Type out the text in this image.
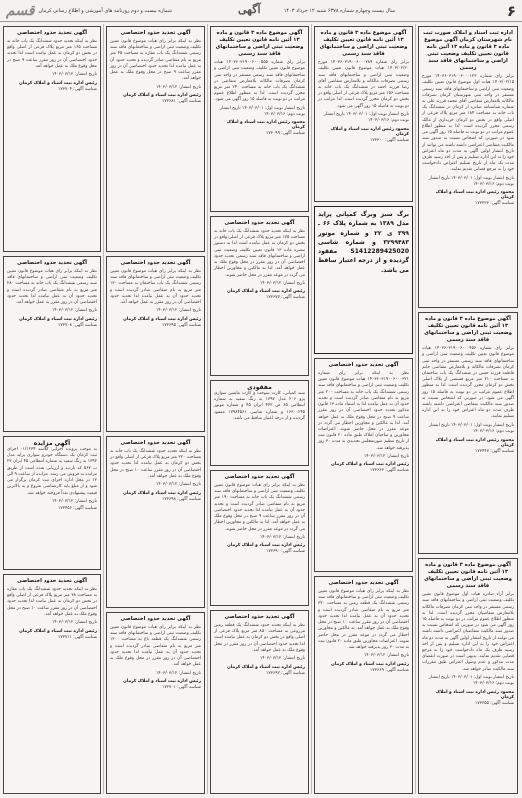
۶
سال بیست وچهارم شماره ۶۳۷۸ شنبه ۱۲ خرداد ۱۴۰۳
آگهی
شماره بیست و دوم روزنامه های آموزشی و اطلاع رسانی کرمان
قسم
اداره ثبت اسناد و املاک صورت ثبت نام شهرستان کرمان آگهی موضوع ماده ۳ قانون و ماده ۱۳ آئین نامه قانون تعیین تکلیف وضعیت ثبتی اراضی و ساختمانهای فاقد سند رسمی
برابر رای شماره ۱۴۰۳۶۰۳۱۹۰۰۶۰۰۰۱۲۳ مورخ ۱۴۰۳/۰۲/۱۵ هیات اول موضوع قانون تعیین تکلیف وضعیت ثبتی اراضی و ساختمانهای فاقد سند رسمی مستقر در واحد ثبتی شهرستان کرمان تصرفات مالکانه بلامعارض متقاضی آقای محمد فرزند علی به شماره شناسنامه صادره از کرمان در ششدانگ یک باب خانه به مساحت ۱۸۴ متر مربع پلاک فرعی از اصلی واقع در بخش دو کرمان خریداری از مالک رسمی محرز گردیده است. لذا به منظور اطلاع عموم مراتب در دو نوبت به فاصله ۱۵ روز آگهی می شود در صورتی که اشخاص نسبت به صدور سند مالکیت متقاضی اعتراضی داشته باشند می توانند از تاریخ انتشار اولین آگهی به مدت دو ماه اعتراض خود را به این اداره تسلیم و پس از اخذ رسید ظرف مدت یک ماه از تاریخ تسلیم اعتراض دادخواست خود را به مرجع قضایی تقدیم نمایند.
تاریخ انتشار نوبت اول: ۱۴۰۳/۰۳/۰۱ تاریخ انتشار نوبت دوم: ۱۴۰۳/۰۳/۱۶
محمود رئیس اداره ثبت اسناد و املاک کرمان
شناسه آگهی: ۱۷۳۲۳۳
آگهی موضوع ماده ۳ قانون و ماده ۱۳ آئین نامه قانون تعیین تکلیف وضعیت ثبتی اراضی و ساختمانهای فاقد سند رسمی
برابر رای شماره ۱۴۰۳۶۰۳۱۹۰۰۶۰۰۰۴۵۶ هیات موضوع قانون تعیین تکلیف وضعیت ثبتی اراضی و ساختمانهای فاقد سند رسمی مستقر در واحد ثبتی کرمان تصرفات مالکانه و بلامعارض متقاضی خانم فاطمه فرزند حسن در ششدانگ یک باب ساختمان به مساحت ۲۱۰ متر مربع قسمتی از پلاک اصلی بخش دو کرمان محرز گردیده است. لذا به منظور اطلاع عموم مراتب در دو نوبت به فاصله ۱۵ روز آگهی می شود. در صورتی که اشخاص نسبت به صدور سند مالکیت متقاضی اعتراضی داشته باشند ظرف مدت دو ماه اعتراض خود را به این اداره تسلیم نمایند.
تاریخ انتشار نوبت اول: ۱۴۰۳/۰۳/۰۱ تاریخ انتشار نوبت دوم: ۱۴۰۳/۰۳/۱۶
محمود رئیس اداره ثبت اسناد و املاک کرمان
شناسه آگهی: ۱۷۳۴۴۷
آگهی موضوع ماده ۳ قانون و ماده ۱۳ آئین نامه قانون تعیین تکلیف وضعیت ثبتی اراضی و ساختمانهای فاقد سند رسمی
برابر آراء صادره هیات اول موضوع قانون تعیین تکلیف وضعیت ثبتی اراضی و ساختمانهای فاقد سند رسمی مستقر در واحد ثبتی کرمان تصرفات مالکانه بلامعارض متقاضیان محرز گردیده است. لذا به منظور اطلاع عموم مراتب در دو نوبت به فاصله ۱۵ روز آگهی می شود در صورتی که اشخاص نسبت به صدور سند مالکیت متقاضیان اعتراضی داشته باشند می توانند از تاریخ انتشار اولین آگهی به مدت دو ماه اعتراض خود را به این اداره تسلیم و پس از اخذ رسید ظرف یک ماه دادخواست خود را به مرجع قضایی تقدیم نمایند. بدیهی است در صورت انقضای مدت مذکور و عدم وصول اعتراض طبق مقررات سند مالکیت صادر خواهد شد.
تاریخ انتشار نوبت اول: ۱۴۰۳/۰۳/۰۱ تاریخ انتشار نوبت دوم: ۱۴۰۳/۰۳/۱۶
محمود رئیس اداره ثبت اسناد و املاک کرمان
شناسه آگهی: ۱۷۳۳۵۵
آگهی موضوع ماده ۳ قانون و ماده ۱۳ آئین نامه قانون تعیین تکلیف وضعیت ثبتی اراضی و ساختمانهای فاقد سند رسمی
برابر رای شماره ۱۴۰۳۶۰۳۱۹۰۰۶۰۰۰۷۸۹ مورخ ۱۴۰۳/۰۲/۲۰ هیات موضوع قانون تعیین تکلیف وضعیت ثبتی اراضی و ساختمانهای فاقد سند رسمی تصرفات مالکانه و بلامعارض متقاضی آقای رضا فرزند احمد در ششدانگ یک باب خانه به مساحت ۱۵۶ متر مربع پلاک فرعی از اصلی واقع در بخش دو کرمان محرز گردیده است. لذا مراتب در دو نوبت به فاصله ۱۵ روز آگهی می شود.
تاریخ انتشار نوبت اول: ۱۴۰۳/۰۳/۰۱ تاریخ انتشار نوبت دوم: ۱۴۰۳/۰۳/۱۶
محمود رئیس اداره ثبت اسناد و املاک کرمان
شناسه آگهی: ۱۷۳۳۰۰
برگ سبز وبرگ کمپانی پراید مدل ۱۳۸۹ به شماره پلاک ۶۶ ـ ۳۹۹ ی ۲۲ و شماره موتور ۳۲۹۹۴۸۳ و شماره شاسی S1412289425020 مفقود گردیده و از درجه اعتبار ساقط می باشد.
آگهی تحدید حدود اختصاصی
نظر به اینکه برابر رای شماره ۱۴۰۳۶۰۳۱۹۰۰۶۰۰۰۳۲۱ هیات موضوع قانون تعیین تکلیف وضعیت ثبتی اراضی و ساختمانهای فاقد سند رسمی ششدانگ یک باب خانه به مساحت ۲۰۰ متر مربع به نام متقاضی صادر گردیده است و تحدید حدود آن به عمل نیامده لذا به استناد ماده ۱۳ قانون مذکور تحدید حدود اختصاصی آن در روز مقرر ساعت ۹ صبح در محل وقوع ملک به عمل خواهد آمد. لذا به مالکین و مجاورین اخطار می گردد در موعد مقرر در محل حاضر شوند. اعتراضات مجاورین و صاحبان املاک طبق ماده ۲۰ قانون ثبت از تاریخ تنظیم صورتمجلس تحدیدی به مدت ۳۰ روز پذیرفته خواهد شد.
تاریخ انتشار: ۱۴۰۳/۰۳/۱۲
رئیس اداره ثبت اسناد و املاک کرمان
شناسه آگهی: ۱۷۳۶۶۳
آگهی تحدید حدود اختصاصی
نظر به اینکه برابر رای هیات موضوع قانون تعیین تکلیف وضعیت ثبتی اراضی و ساختمانهای فاقد سند رسمی ششدانگ یک قطعه زمین به مساحت ۳۲۰ متر مربع به نام متقاضی صادر گردیده است و تحدید حدود آن به عمل نیامده لذا تحدید حدود اختصاصی آن در روز مقرر ساعت ۱۰ صبح در محل وقوع ملک به عمل خواهد آمد. به مالکین و مجاورین اخطار می گردد در موعد مقرر در محل حاضر شوند. اعتراضات مجاورین طبق ماده ۲۰ قانون ثبت به مدت ۳۰ روز پذیرفته خواهد شد.
تاریخ انتشار: ۱۴۰۳/۰۳/۱۲
رئیس اداره ثبت اسناد و املاک کرمان
شناسه آگهی: ۱۷۳۶۶۹
آگهی موضوع ماده ۳ قانون و ماده ۱۳ آئین نامه قانون تعیین تکلیف وضعیت ثبتی اراضی و ساختمانهای فاقد سند رسمی
برابر رای شماره ۱۴۰۳۶۰۳۱۹۰۰۶۰۰۰۵۵۵ هیات موضوع قانون تعیین تکلیف وضعیت ثبتی اراضی و ساختمانهای فاقد سند رسمی مستقر در واحد ثبتی کرمان تصرفات مالکانه بلامعارض متقاضی در ششدانگ یک باب خانه به مساحت ۲۴۰ متر مربع محرز گردیده است. لذا به منظور اطلاع عموم مراتب در دو نوبت به فاصله ۱۵ روز آگهی می شود.
تاریخ انتشار نوبت اول: ۱۴۰۳/۰۳/۰۱ تاریخ انتشار نوبت دوم: ۱۴۰۳/۰۳/۱۶
محمود رئیس اداره ثبت اسناد و املاک کرمان
شناسه آگهی: ۱۷۳۰۹۹
آگهی تحدید حدود اختصاصی
نظر به اینکه تحدید حدود ششدانگ یک باب خانه به مساحت ۱۷۵ متر مربع پلاک فرعی از اصلی واقع در بخش دو کرمان به عمل نیامده است لذا به دستور تبصره ماده ۱۳ قانون تعیین تکلیف وضعیت ثبتی اراضی و ساختمانهای فاقد سند رسمی تحدید حدود اختصاصی آن در روز مقرر در محل وقوع ملک به عمل خواهد آمد. لذا به مالکین و مجاورین اخطار می گردد در موعد مقرر در محل حاضر شوند.
تاریخ انتشار: ۱۴۰۳/۰۳/۱۲
رئیس اداره ثبت اسناد و املاک کرمان
شناسه آگهی: ۱۷۳۶۷۷
مفقودی
سند کمپانی، کارت سوخت و کارت ماشین سواری پژو ۲۰۶ مدل ۱۳۹۷ به رنگ سفید به شماره انتظامی ۶۵ ص ۴۳۲ ایران ۴۵ و شماره موتور ۱۶۳۰۰۲۴۵ و شماره شاسی ۱۷۹۸۴۵۶۱ مفقود گردیده و از درجه اعتبار ساقط می باشد.
آگهی تحدید حدود اختصاصی
نظر به اینکه برابر رای هیات موضوع قانون تعیین تکلیف وضعیت ثبتی اراضی و ساختمانهای فاقد سند رسمی ششدانگ یک باب خانه به مساحت ۱۹۰ متر مربع به نام متقاضی صادر گردیده است و تحدید حدود آن به عمل نیامده لذا تحدید حدود اختصاصی آن در روز مقرر ساعت ۹ صبح در محل وقوع ملک به عمل خواهد آمد. لذا به مالکین و مجاورین اخطار می گردد در موعد مقرر در محل حاضر شوند.
تاریخ انتشار: ۱۴۰۳/۰۳/۱۲
رئیس اداره ثبت اسناد و املاک کرمان
شناسه آگهی: ۱۷۳۶۹۰
آگهی تحدید حدود اختصاصی
نظر به اینکه تحدید حدود ششدانگ یک قطعه زمین مزروعی به مساحت ۸۵۰ متر مربع پلاک فرعی از اصلی واقع در بخش دو کرمان به عمل نیامده است لذا تحدید حدود اختصاصی آن در روز مقرر در محل وقوع ملک به عمل خواهد آمد.
تاریخ انتشار: ۱۴۰۳/۰۳/۱۲
رئیس اداره ثبت اسناد و املاک کرمان
شناسه آگهی: ۱۷۳۶۹۲
آگهی تحدید حدود اختصاصی
نظر به اینکه برابر رای هیات موضوع قانون تعیین تکلیف وضعیت ثبتی اراضی و ساختمانهای فاقد سند رسمی ششدانگ یک باب مغازه به مساحت ۴۵ متر مربع به نام متقاضی صادر گردیده و تحدید حدود آن به عمل نیامده لذا تحدید حدود اختصاصی آن در روز مقرر ساعت ۹ صبح در محل وقوع ملک به عمل خواهد آمد.
تاریخ انتشار: ۱۴۰۳/۰۳/۱۲
رئیس اداره ثبت اسناد و املاک کرمان
شناسه آگهی: ۱۷۳۶۸۱
آگهی تحدید حدود اختصاصی
نظر به اینکه برابر رای هیات موضوع قانون تعیین تکلیف وضعیت ثبتی اراضی و ساختمانهای فاقد سند رسمی ششدانگ یک باب ساختمان به مساحت ۱۳۰ متر مربع به نام متقاضی صادر گردیده است و تحدید حدود آن به عمل نیامده لذا تحدید حدود اختصاصی آن در روز مقرر به عمل خواهد آمد.
تاریخ انتشار: ۱۴۰۳/۰۳/۱۲
رئیس اداره ثبت اسناد و املاک کرمان
شناسه آگهی: ۱۷۳۶۹۵
آگهی تحدید حدود اختصاصی
نظر به اینکه تحدید حدود ششدانگ یک باب خانه به مساحت ۲۲۰ متر مربع پلاک فرعی از اصلی واقع در بخش دو کرمان به عمل نیامده لذا تحدید حدود اختصاصی آن در روز مقرر ساعت ۱۰ صبح در محل وقوع ملک به عمل خواهد آمد.
تاریخ انتشار: ۱۴۰۳/۰۳/۱۲
رئیس اداره ثبت اسناد و املاک کرمان
شناسه آگهی: ۱۷۳۶۹۸
آگهی تحدید حدود اختصاصی
نظر به اینکه برابر رای هیات موضوع قانون تعیین تکلیف وضعیت ثبتی اراضی و ساختمانهای فاقد سند رسمی ششدانگ یک قطعه باغ به مساحت ۱۲۰۰ متر مربع به نام متقاضی صادر گردیده است و تحدید حدود آن به عمل نیامده لذا تحدید حدود اختصاصی آن در روز مقرر در محل وقوع ملک به عمل خواهد آمد.
تاریخ انتشار: ۱۴۰۳/۰۳/۱۲
رئیس اداره ثبت اسناد و املاک کرمان
شناسه آگهی: ۱۷۳۷۰۱
آگهی تحدید حدود اختصاصی
نظر به اینکه تحدید حدود ششدانگ یک باب خانه به مساحت ۱۶۵ متر مربع پلاک فرعی از اصلی واقع در بخش دو کرمان به عمل نیامده است لذا تحدید حدود اختصاصی آن در روز مقرر ساعت ۹ صبح در محل وقوع ملک به عمل خواهد آمد.
تاریخ انتشار: ۱۴۰۳/۰۳/۱۲
رئیس اداره ثبت اسناد و املاک کرمان
شناسه آگهی: ۱۷۳۷۰۴
آگهی تحدید حدود اختصاصی
نظر به اینکه برابر رای هیات موضوع قانون تعیین تکلیف وضعیت ثبتی اراضی و ساختمانهای فاقد سند رسمی ششدانگ یک باب خانه به مساحت ۲۸۰ متر مربع به نام متقاضی صادر گردیده است و تحدید حدود آن به عمل نیامده لذا تحدید حدود اختصاصی آن در روز مقرر به عمل خواهد آمد.
تاریخ انتشار: ۱۴۰۳/۰۳/۱۲
رئیس اداره ثبت اسناد و املاک کرمان
شناسه آگهی: ۱۷۳۷۰۸
آگهی مزایده
به موجب پرونده اجرایی کلاسه ۰۱/۱۲۳۴ اجرای ثبت کرمان یک دستگاه خودرو سواری پراید مدل ۱۳۹۲ به رنگ سفید به شماره انتظامی ۴۵ ایران ۲۳ ب ۵۶۷ که بازدید و ارزیابی شده است از طریق مزایده به فروش می رسد. مزایده از ساعت ۹ الی ۱۲ در محل اداره اجرای ثبت کرمان برگزار می شود و از مبلغ پایه کارشناسی شروع و به بالاترین قیمت پیشنهادی نقداً فروخته خواهد شد.
تاریخ انتشار: ۱۴۰۳/۰۳/۱۲
شناسه آگهی: ۱۷۳۴۵۶
آگهی تحدید حدود اختصاصی
نظر به اینکه تحدید حدود ششدانگ یک باب مغازه به مساحت ۳۸ متر مربع پلاک فرعی از اصلی واقع در بخش دو کرمان به عمل نیامده لذا تحدید حدود اختصاصی آن در روز مقرر ساعت ۱۰ صبح در محل وقوع ملک به عمل خواهد آمد.
تاریخ انتشار: ۱۴۰۳/۰۳/۱۲
رئیس اداره ثبت اسناد و املاک کرمان
شناسه آگهی: ۱۷۳۷۱۱
